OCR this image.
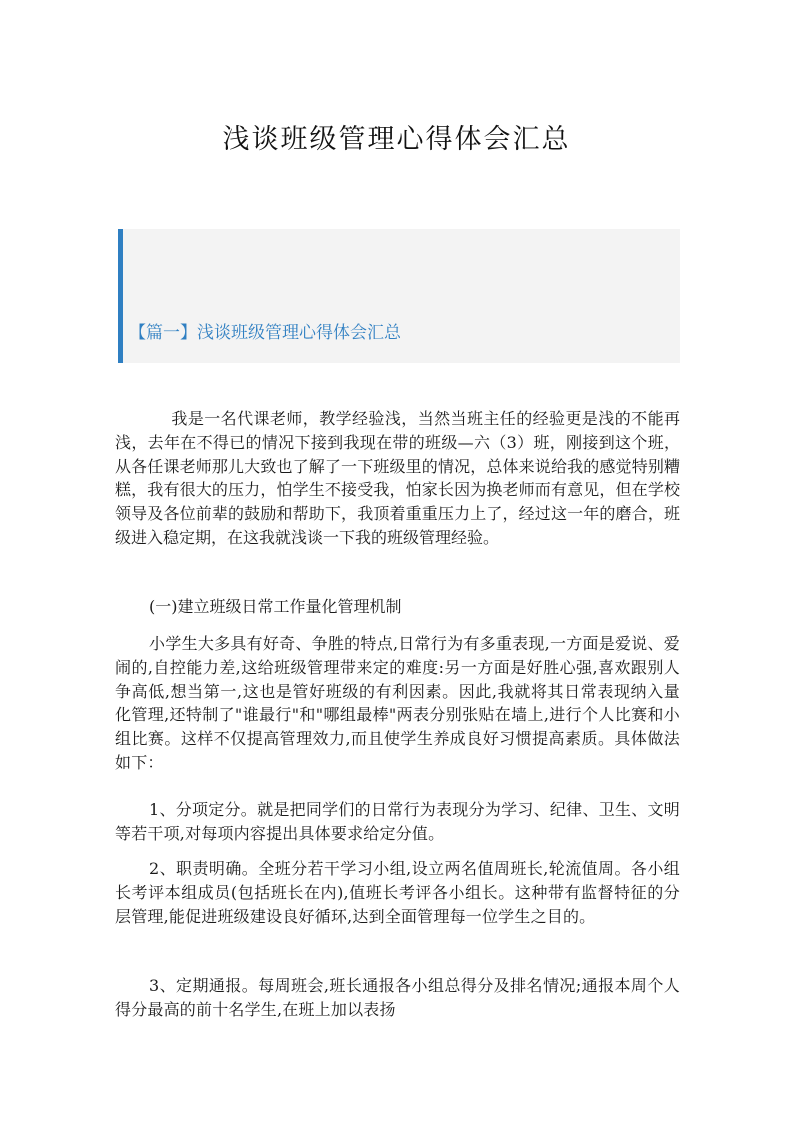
浅谈班级管理心得体会汇总
【篇一】浅谈班级管理心得体会汇总

我是一名代课老师，教学经验浅，当然当班主任的经验更是浅的不能再浅，去年在不得已的情况下接到我现在带的班级—六（3）班，刚接到这个班，从各任课老师那儿大致也了解了一下班级里的情况，总体来说给我的感觉特别糟糕，我有很大的压力，怕学生不接受我，怕家长因为换老师而有意见，但在学校领导及各位前辈的鼓励和帮助下，我顶着重重压力上了，经过这一年的磨合，班级进入稳定期，在这我就浅谈一下我的班级管理经验。

(一)建立班级日常工作量化管理机制

小学生大多具有好奇、争胜的特点,日常行为有多重表现,一方面是爱说、爱闹的,自控能力差,这给班级管理带来定的难度:另一方面是好胜心强,喜欢跟别人争高低,想当第一,这也是管好班级的有利因素。因此,我就将其日常表现纳入量化管理,还特制了"谁最行"和"哪组最棒"两表分别张贴在墙上,进行个人比赛和小组比赛。这样不仅提高管理效力,而且使学生养成良好习惯提高素质。具体做法如下：

1、分项定分。就是把同学们的日常行为表现分为学习、纪律、卫生、文明等若干项,对每项内容提出具体要求给定分值。

2、职责明确。全班分若干学习小组,设立两名值周班长,轮流值周。各小组长考评本组成员(包括班长在内),值班长考评各小组长。这种带有监督特征的分层管理,能促进班级建设良好循环,达到全面管理每一位学生之目的。

3、定期通报。每周班会,班长通报各小组总得分及排名情况;通报本周个人得分最高的前十名学生,在班上加以表扬
